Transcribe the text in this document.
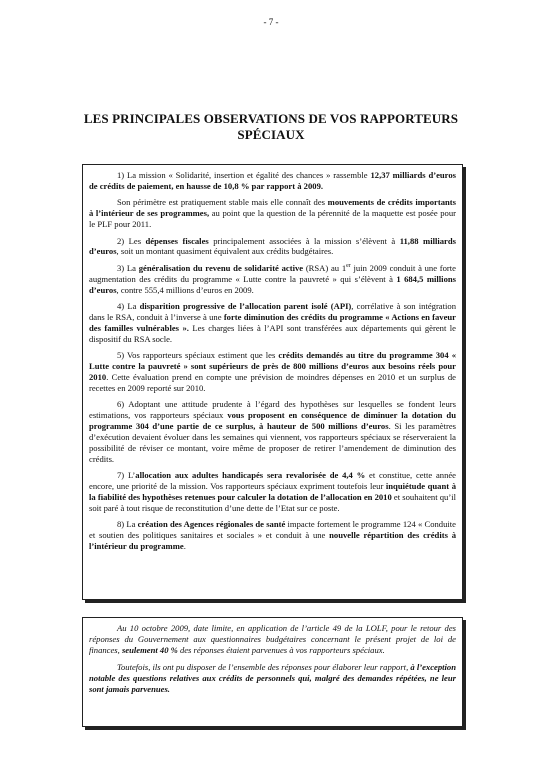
- 7 -
LES PRINCIPALES OBSERVATIONS DE VOS RAPPORTEURS SPÉCIAUX

1) La mission « Solidarité, insertion et égalité des chances » rassemble 12,37 milliards d’euros de crédits de paiement, en hausse de 10,8 % par rapport à 2009.

Son périmètre est pratiquement stable mais elle connaît des mouvements de crédits importants à l’intérieur de ses programmes, au point que la question de la pérennité de la maquette est posée pour le PLF pour 2011.

2) Les dépenses fiscales principalement associées à la mission s’élèvent à 11,88 milliards d’euros, soit un montant quasiment équivalent aux crédits budgétaires.

3) La généralisation du revenu de solidarité active (RSA) au 1er juin 2009 conduit à une forte augmentation des crédits du programme « Lutte contre la pauvreté » qui s’élèvent à 1 684,5 millions d’euros, contre 555,4 millions d’euros en 2009.

4) La disparition progressive de l’allocation parent isolé (API), corrélative à son intégration dans le RSA, conduit à l’inverse à une forte diminution des crédits du programme « Actions en faveur des familles vulnérables ». Les charges liées à l’API sont transférées aux départements qui gèrent le dispositif du RSA socle.

5) Vos rapporteurs spéciaux estiment que les crédits demandés au titre du programme 304 « Lutte contre la pauvreté » sont supérieurs de près de 800 millions d’euros aux besoins réels pour 2010. Cette évaluation prend en compte une prévision de moindres dépenses en 2010 et un surplus de recettes en 2009 reporté sur 2010.

6) Adoptant une attitude prudente à l’égard des hypothèses sur lesquelles se fondent leurs estimations, vos rapporteurs spéciaux vous proposent en conséquence de diminuer la dotation du programme 304 d’une partie de ce surplus, à hauteur de 500 millions d’euros. Si les paramètres d’exécution devaient évoluer dans les semaines qui viennent, vos rapporteurs spéciaux se réserveraient la possibilité de réviser ce montant, voire même de proposer de retirer l’amendement de diminution des crédits.

7) L’allocation aux adultes handicapés sera revalorisée de 4,4 % et constitue, cette année encore, une priorité de la mission. Vos rapporteurs spéciaux expriment toutefois leur inquiétude quant à la fiabilité des hypothèses retenues pour calculer la dotation de l’allocation en 2010 et souhaitent qu’il soit paré à tout risque de reconstitution d’une dette de l’Etat sur ce poste.

8) La création des Agences régionales de santé impacte fortement le programme 124 « Conduite et soutien des politiques sanitaires et sociales » et conduit à une nouvelle répartition des crédits à l’intérieur du programme.

Au 10 octobre 2009, date limite, en application de l’article 49 de la LOLF, pour le retour des réponses du Gouvernement aux questionnaires budgétaires concernant le présent projet de loi de finances, seulement 40 % des réponses étaient parvenues à vos rapporteurs spéciaux.

Toutefois, ils ont pu disposer de l’ensemble des réponses pour élaborer leur rapport, à l’exception notable des questions relatives aux crédits de personnels qui, malgré des demandes répétées, ne leur sont jamais parvenues.
